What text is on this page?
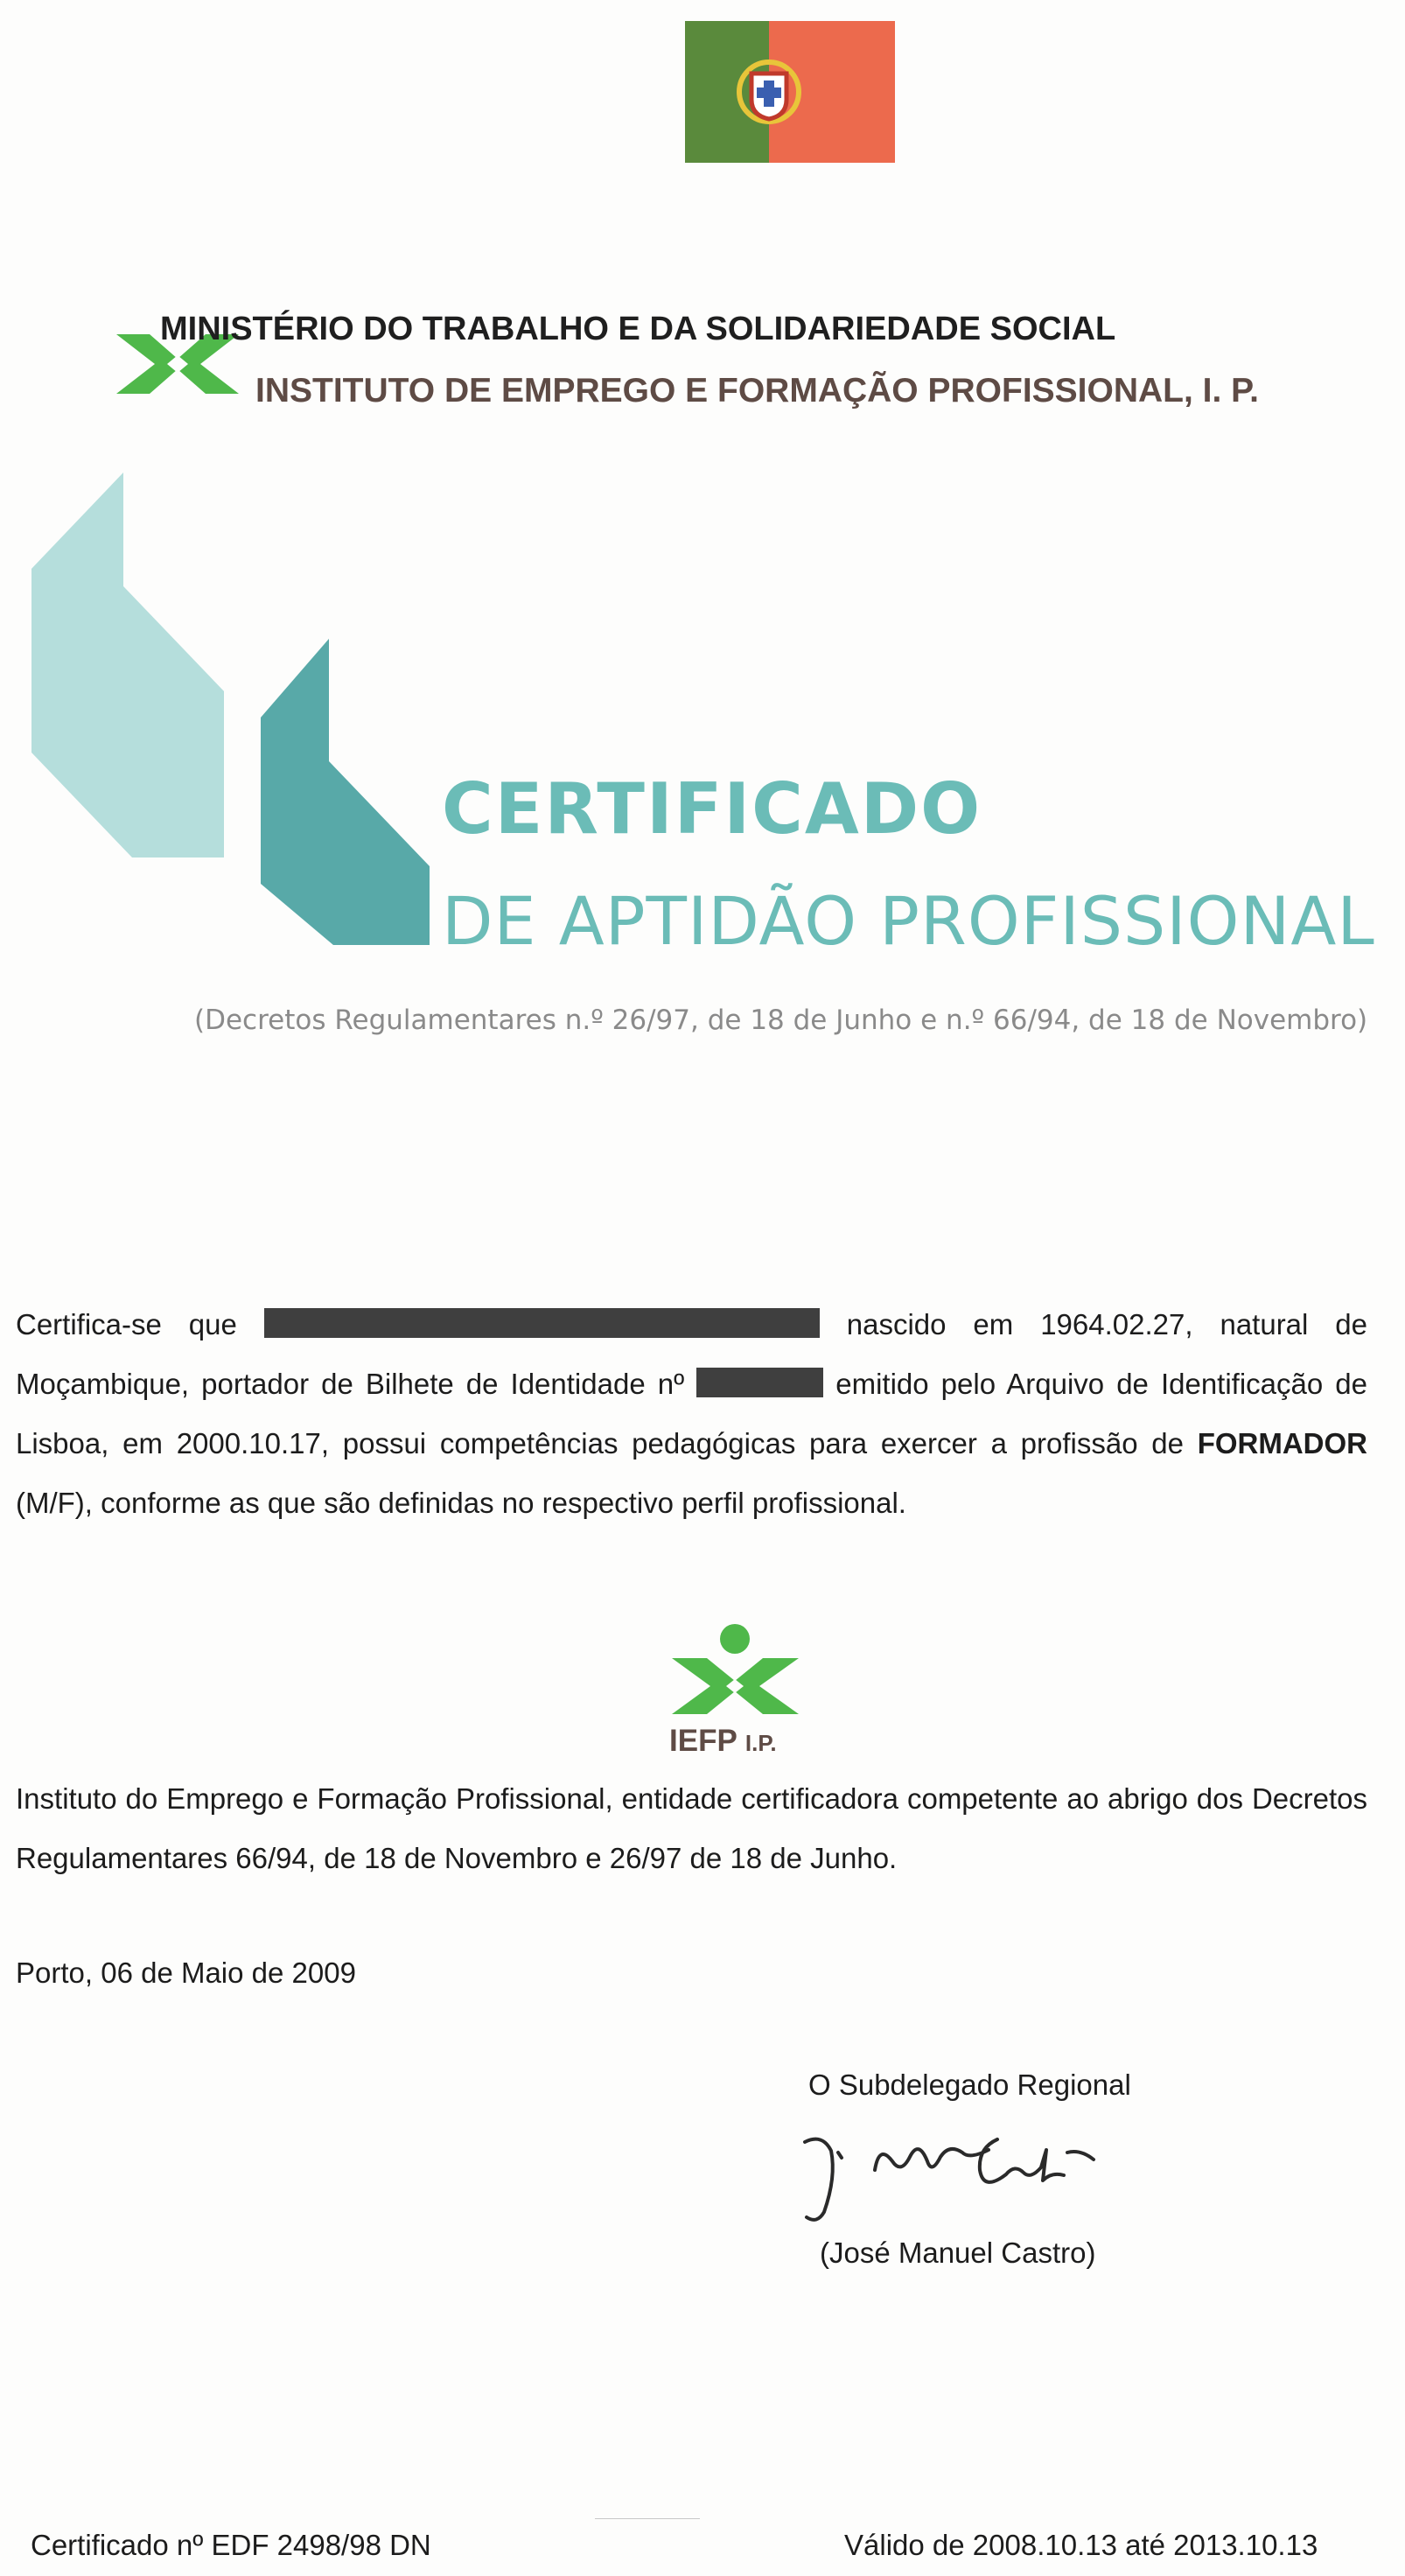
MINISTÉRIO DO TRABALHO E DA SOLIDARIEDADE SOCIAL
INSTITUTO DE EMPREGO E FORMAÇÃO PROFISSIONAL, I. P.
CERTIFICADO
DE APTIDÃO PROFISSIONAL
(Decretos Regulamentares n.º 26/97, de 18 de Junho e n.º 66/94, de 18 de Novembro)
Certifica-se que	nascido em 1964.02.27, natural de Moçambique, portador de Bilhete de Identidade nº	emitido pelo Arquivo de Identificação de Lisboa, em 2000.10.17, possui competências pedagógicas para exercer a profissão de FORMADOR (M/F), conforme as que são definidas no respectivo perfil profissional.
IEFP I.P.
Instituto do Emprego e Formação Profissional, entidade certificadora competente ao abrigo dos Decretos Regulamentares 66/94, de 18 de Novembro e 26/97 de 18 de Junho.
Porto, 06 de Maio de 2009
O Subdelegado Regional
(José Manuel Castro)
Certificado nº EDF 2498/98 DN	Válido de 2008.10.13 até 2013.10.13
